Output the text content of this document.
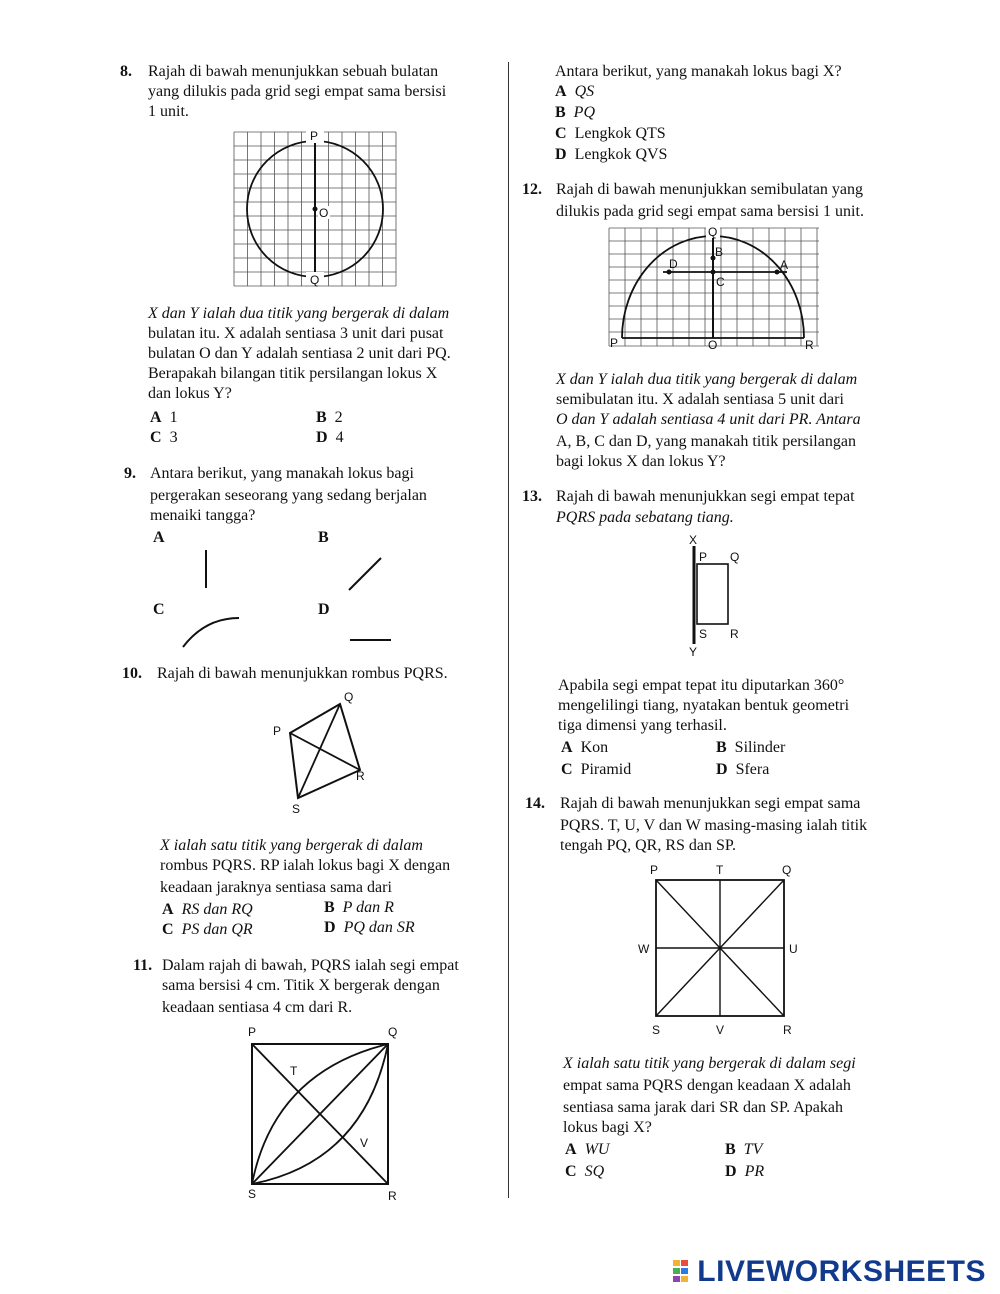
8. Rajah di bawah menunjukkan sebuah bulatan
yang dilukis pada grid segi empat sama bersisi
1 unit.
P
O
Q
X dan Y ialah dua titik yang bergerak di dalam
bulatan itu. X adalah sentiasa 3 unit dari pusat
bulatan O dan Y adalah sentiasa 2 unit dari PQ.
Berapakah bilangan titik persilangan lokus X
dan lokus Y?
A 1	B 2
C 3	D 4
9. Antara berikut, yang manakah lokus bagi
pergerakan seseorang yang sedang berjalan
menaiki tangga?
A	B
C	D
10. Rajah di bawah menunjukkan rombus PQRS.
Q
P
R
S
X ialah satu titik yang bergerak di dalam
rombus PQRS. RP ialah lokus bagi X dengan
keadaan jaraknya sentiasa sama dari
A RS dan RQ	B P dan R
C PS dan QR	D PQ dan SR
11. Dalam rajah di bawah, PQRS ialah segi empat
sama bersisi 4 cm. Titik X bergerak dengan
keadaan sentiasa 4 cm dari R.
P	Q
T
V
S	R
Antara berikut, yang manakah lokus bagi X?
A QS
B PQ
C Lengkok QTS
D Lengkok QVS
12. Rajah di bawah menunjukkan semibulatan yang
dilukis pada grid segi empat sama bersisi 1 unit.
Q
B
D	A
C
P	O	R
X dan Y ialah dua titik yang bergerak di dalam
semibulatan itu. X adalah sentiasa 5 unit dari
O dan Y adalah sentiasa 4 unit dari PR. Antara
A, B, C dan D, yang manakah titik persilangan
bagi lokus X dan lokus Y?
13. Rajah di bawah menunjukkan segi empat tepat
PQRS pada sebatang tiang.
X
P Q
S R
Y
Apabila segi empat tepat itu diputarkan 360°
mengelilingi tiang, nyatakan bentuk geometri
tiga dimensi yang terhasil.
A Kon	B Silinder
C Piramid	D Sfera
14. Rajah di bawah menunjukkan segi empat sama
PQRS. T, U, V dan W masing-masing ialah titik
tengah PQ, QR, RS dan SP.
P	T	Q
W	U
S	V	R
X ialah satu titik yang bergerak di dalam segi
empat sama PQRS dengan keadaan X adalah
sentiasa sama jarak dari SR dan SP. Apakah
lokus bagi X?
A WU	B TV
C SQ	D PR
LIVEWORKSHEETS
